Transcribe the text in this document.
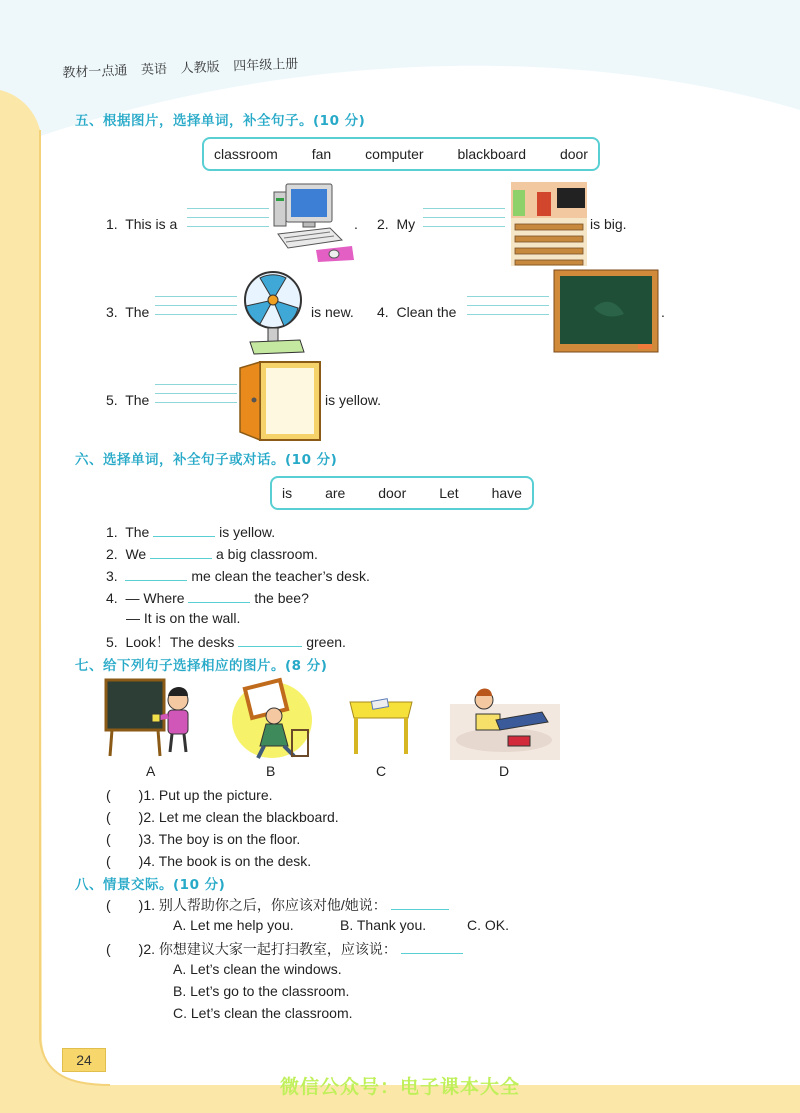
教材一点通 英语 人教版 四年级上册
五、根据图片，选择单词，补全句子。(10 分)
classroom fan computer blackboard door
1. This is a	. 2. My	is big.
3. The	is new. 4. Clean the	.
5. The	is yellow.
六、选择单词，补全句子或对话。(10 分)
is are door Let have
1. The	is yellow.
2. We	a big classroom.
3.	me clean the teacher’s desk.
4. — Where	the bee?
— It is on the wall.
5. Look！The desks	green.
七、给下列句子选择相应的图片。(8 分)
A	B	C	D
(　　)1. Put up the picture.
(　　)2. Let me clean the blackboard.
(　　)3. The boy is on the floor.
(　　)4. The book is on the desk.
八、情景交际。(10 分)
(　　)1. 别人帮助你之后，你应该对他/她说：
A. Let me help you.	B. Thank you.	C. OK.
(　　)2. 你想建议大家一起打扫教室，应该说：
A. Let’s clean the windows.
B. Let’s go to the classroom.
C. Let’s clean the classroom.
24
微信公众号：电子课本大全
